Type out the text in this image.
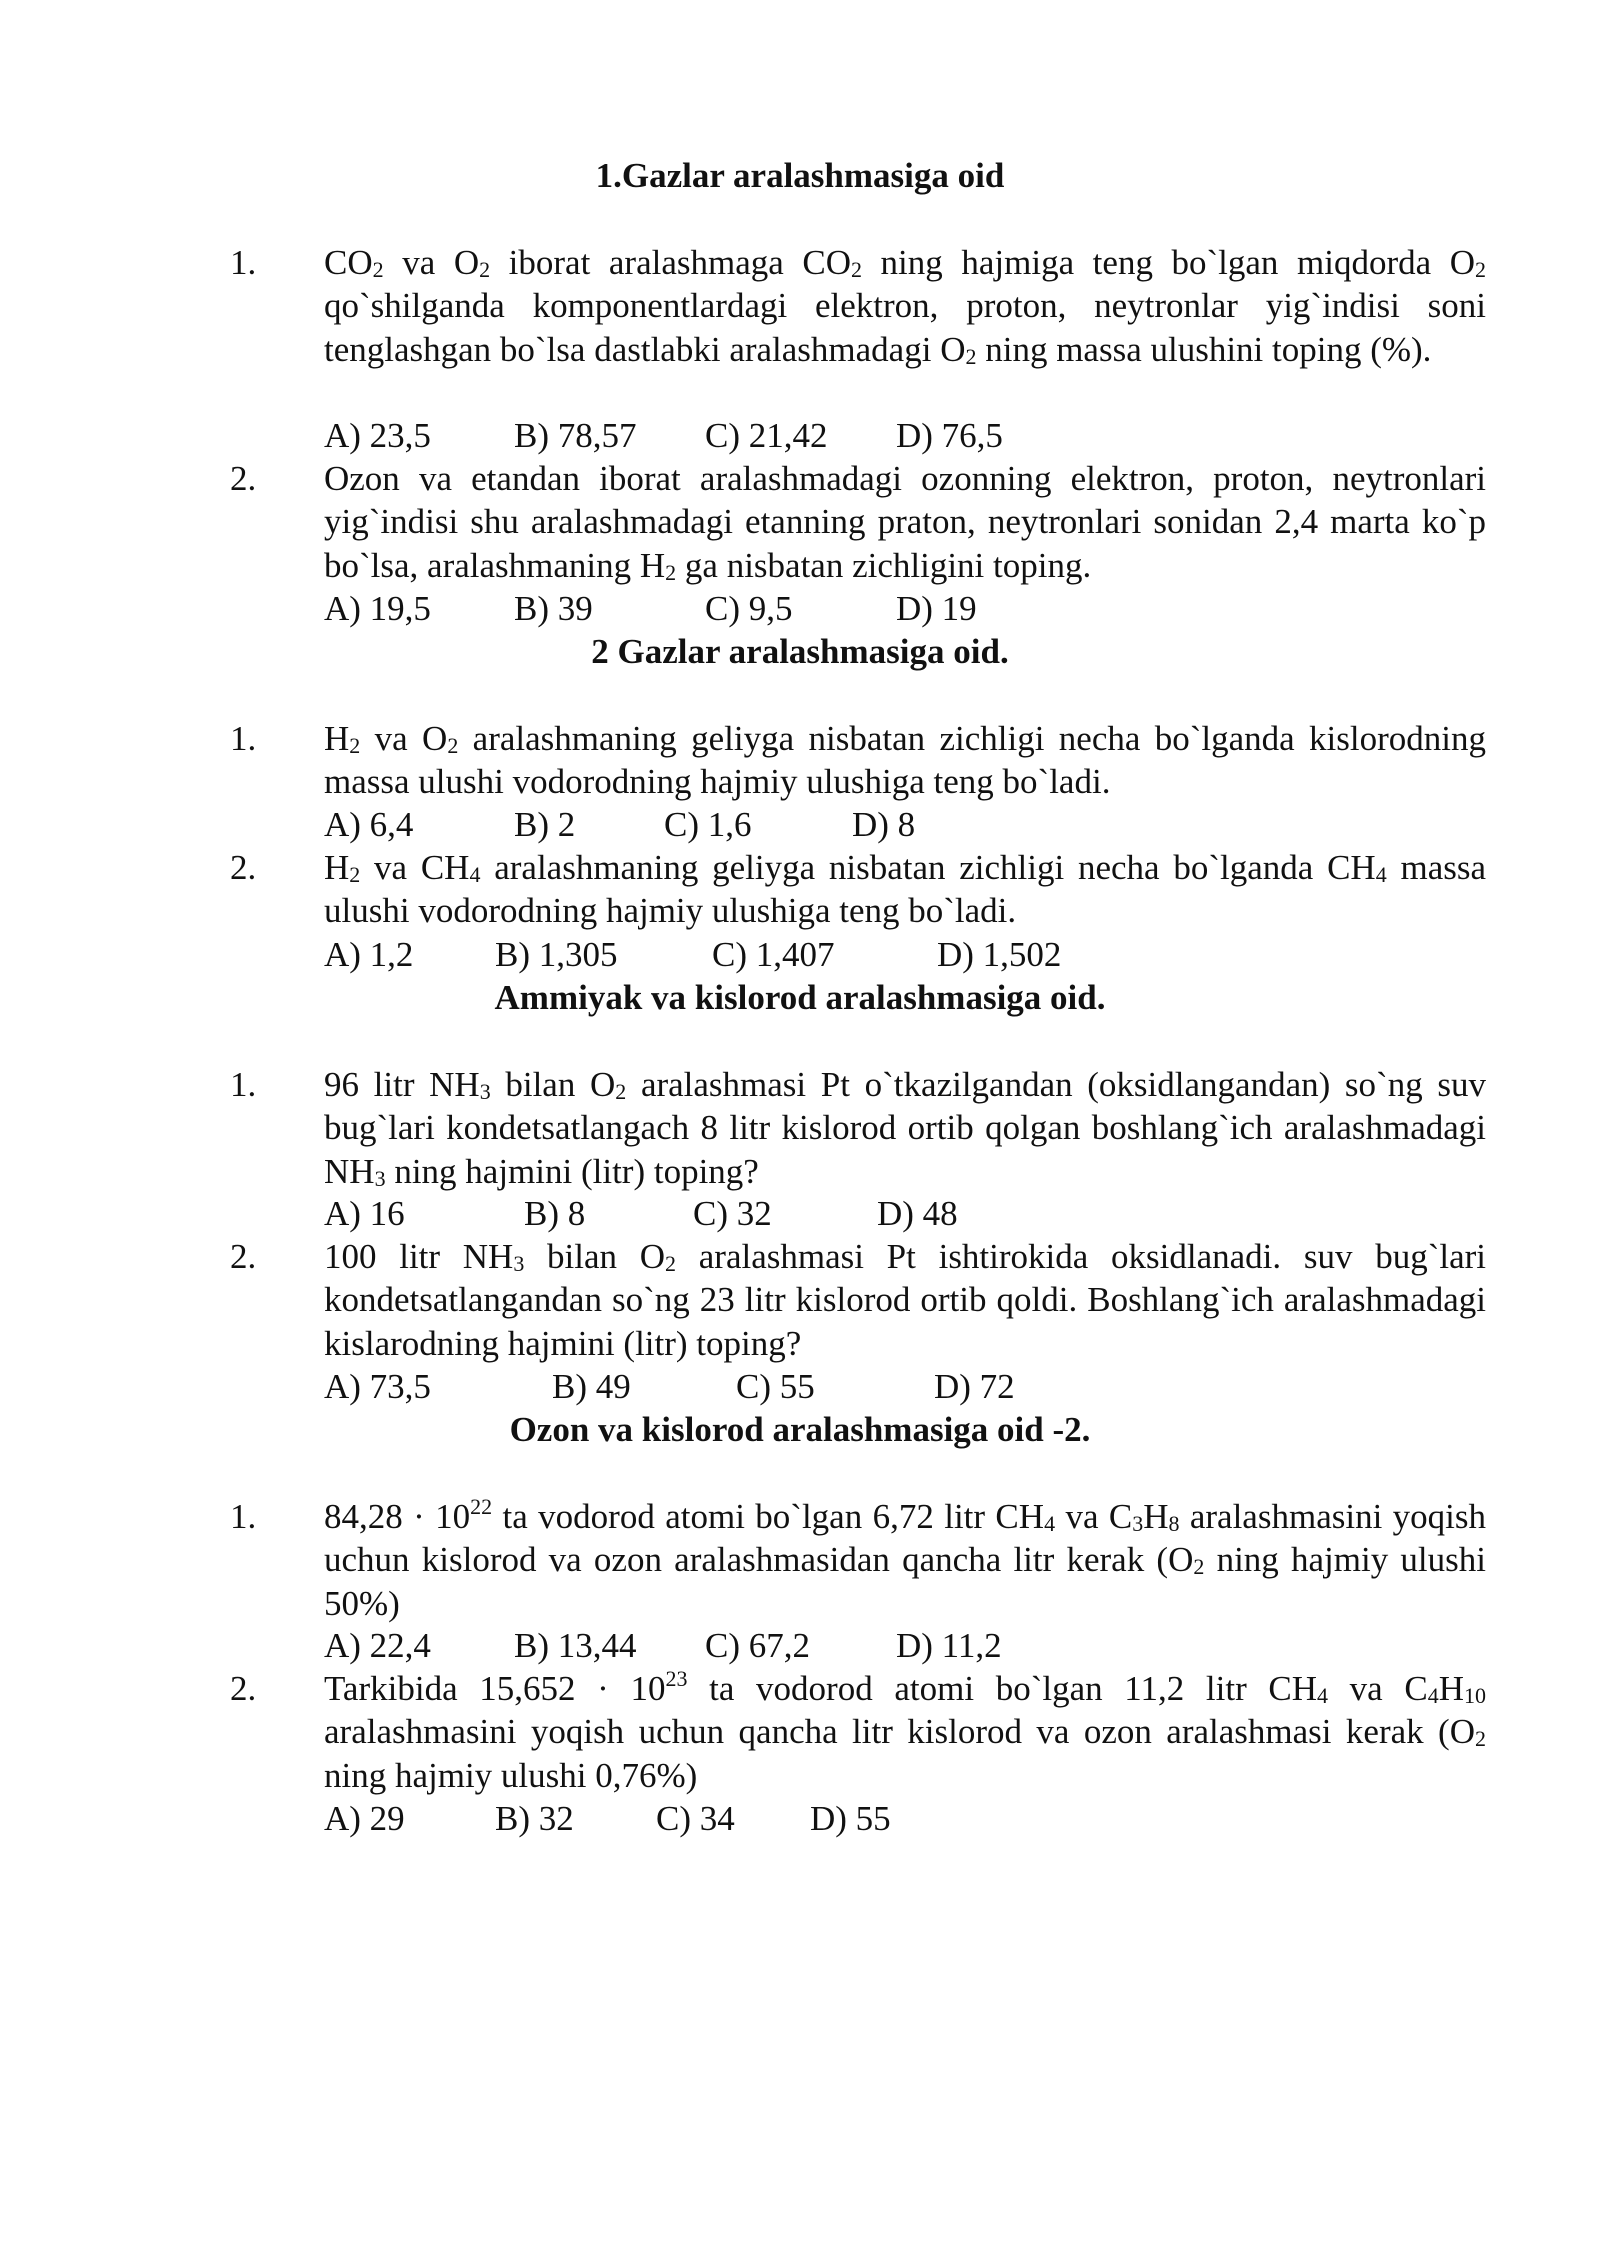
1.Gazlar aralashmasiga oid
1. $CO_2$ va $O_2$ iborat aralashmaga $CO_2$ ning hajmiga teng bo`lgan miqdorda $O_2$ qo`shilganda komponentlardagi elektron, proton, neytronlar yig`indisi soni tenglashgan bo`lsa dastlabki aralashmadagi $O_2$ ning massa ulushini toping (%).
A) 23,5 B) 78,57 C) 21,42 D) 76,5
2. Ozon va etandan iborat aralashmadagi ozonning elektron, proton, neytronlari yig`indisi shu aralashmadagi etanning praton, neytronlari sonidan 2,4 marta ko`p bo`lsa, aralashmaning $H_2$ ga nisbatan zichligini toping.
A) 19,5 B) 39	C) 9,5	D) 19
2 Gazlar aralashmasiga oid.
1. $H_2$ va $O_2$ aralashmaning geliyga nisbatan zichligi necha bo`lganda kislorodning massa ulushi vodorodning hajmiy ulushiga teng bo`ladi.
A) 6,4	B) 2	C) 1,6	D) 8
2. $H_2$ va $CH_4$ aralashmaning geliyga nisbatan zichligi necha bo`lganda $CH_4$ massa ulushi vodorodning hajmiy ulushiga teng bo`ladi.
A) 1,2 B) 1,305	C) 1,407	D) 1,502
Ammiyak va kislorod aralashmasiga oid.
1. 96 litr $NH_3$ bilan $O_2$ aralashmasi Pt o`tkazilgandan (oksidlangandan) so`ng suv bug`lari kondetsatlangach 8 litr kislorod ortib qolgan boshlang`ich aralashmadagi $NH_3$ ning hajmini (litr) toping?
A) 16	B) 8	C) 32	D) 48
2. 100 litr $NH_3$ bilan $O_2$ aralashmasi Pt ishtirokida oksidlanadi. suv bug`lari kondetsatlangandan so`ng 23 litr kislorod ortib qoldi. Boshlang`ich aralashmadagi kislarodning hajmini (litr) toping?
A) 73,5	B) 49	C) 55	D) 72
Ozon va kislorod aralashmasiga oid -2.
1. $84,28 \cdot 10^{22}$ ta vodorod atomi bo`lgan 6,72 litr $CH_4$ va $C_3H_8$ aralashmasini yoqish uchun kislorod va ozon aralashmasidan qancha litr kerak ($O_2$ ning hajmiy ulushi 50%)
A) 22,4 B) 13,44 C) 67,2 D) 11,2
2. Tarkibida $15,652 \cdot 10^{23}$ ta vodorod atomi bo`lgan 11,2 litr $CH_4$ va $C_4H_{10}$ aralashmasini yoqish uchun qancha litr kislorod va ozon aralashmasi kerak ($O_2$ ning hajmiy ulushi 0,76%)
A) 29	B) 32 C) 34 D) 55
